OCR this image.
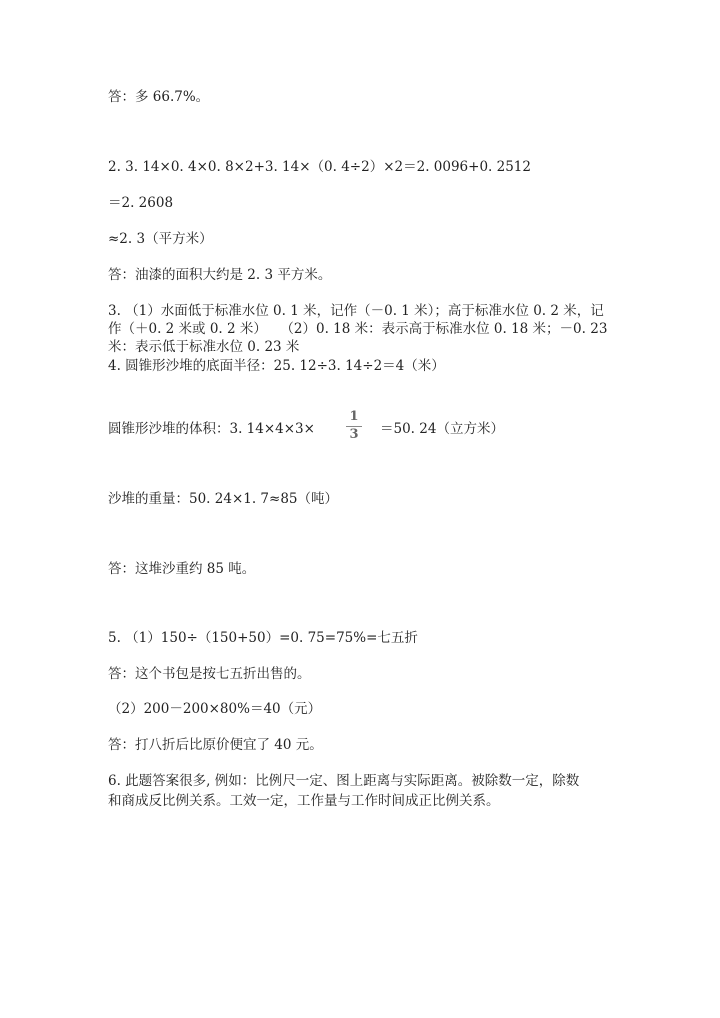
答：多 66.7%。

2. 3. 14×0. 4×0. 8×2+3. 14×（0. 4÷2）×2＝2. 0096+0. 2512

＝2. 2608

≈2. 3（平方米）

答：油漆的面积大约是 2. 3 平方米。

3. （1）水面低于标准水位 0. 1 米，记作（－0. 1 米）；高于标准水位 0. 2 米，记

作（＋0. 2 米或 0. 2 米）　　（2）0. 18 米：表示高于标准水位 0. 18 米；－0. 23

米：表示低于标准水位 0. 23 米

4. 圆锥形沙堆的底面半径：25. 12÷3. 14÷2＝4（米）

圆锥形沙堆的体积：3. 14×4×3×

1
3 ＝50. 24（立方米）

沙堆的重量：50. 24×1. 7≈85（吨）

答：这堆沙重约 85 吨。

5. （1）150÷（150+50）=0. 75=75%=七五折

答：这个书包是按七五折出售的。

（2）200－200×80%＝40（元）

答：打八折后比原价便宜了 40 元。

6. 此题答案很多, 例如：比例尺一定、图上距离与实际距离。被除数一定，除数

和商成反比例关系。工效一定，工作量与工作时间成正比例关系。
